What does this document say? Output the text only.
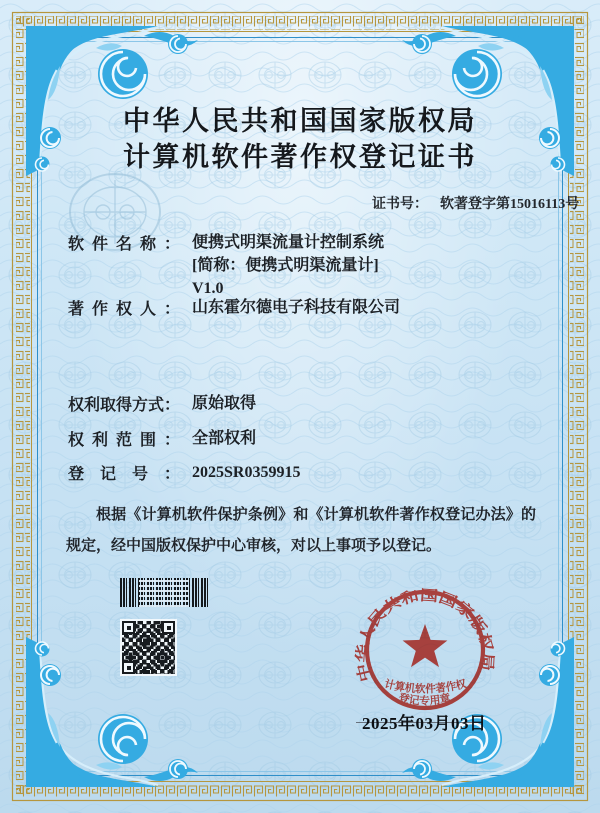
中华人民共和国国家版权局
计算机软件著作权登记证书
证书号： 软著登字第15016113号
软件名称： 便携式明渠流量计控制系统
[简称：便携式明渠流量计]
V1.0
著作权人： 山东霍尔德电子科技有限公司
权利取得方式： 原始取得
权利范围： 全部权利
登记号： 2025SR0359915
根据《计算机软件保护条例》和《计算机软件著作权登记办法》的规定，经中国版权保护中心审核，对以上事项予以登记。
2025年03月03日
中华人民共和国国家版权局
计算机软件著作权
登记专用章
